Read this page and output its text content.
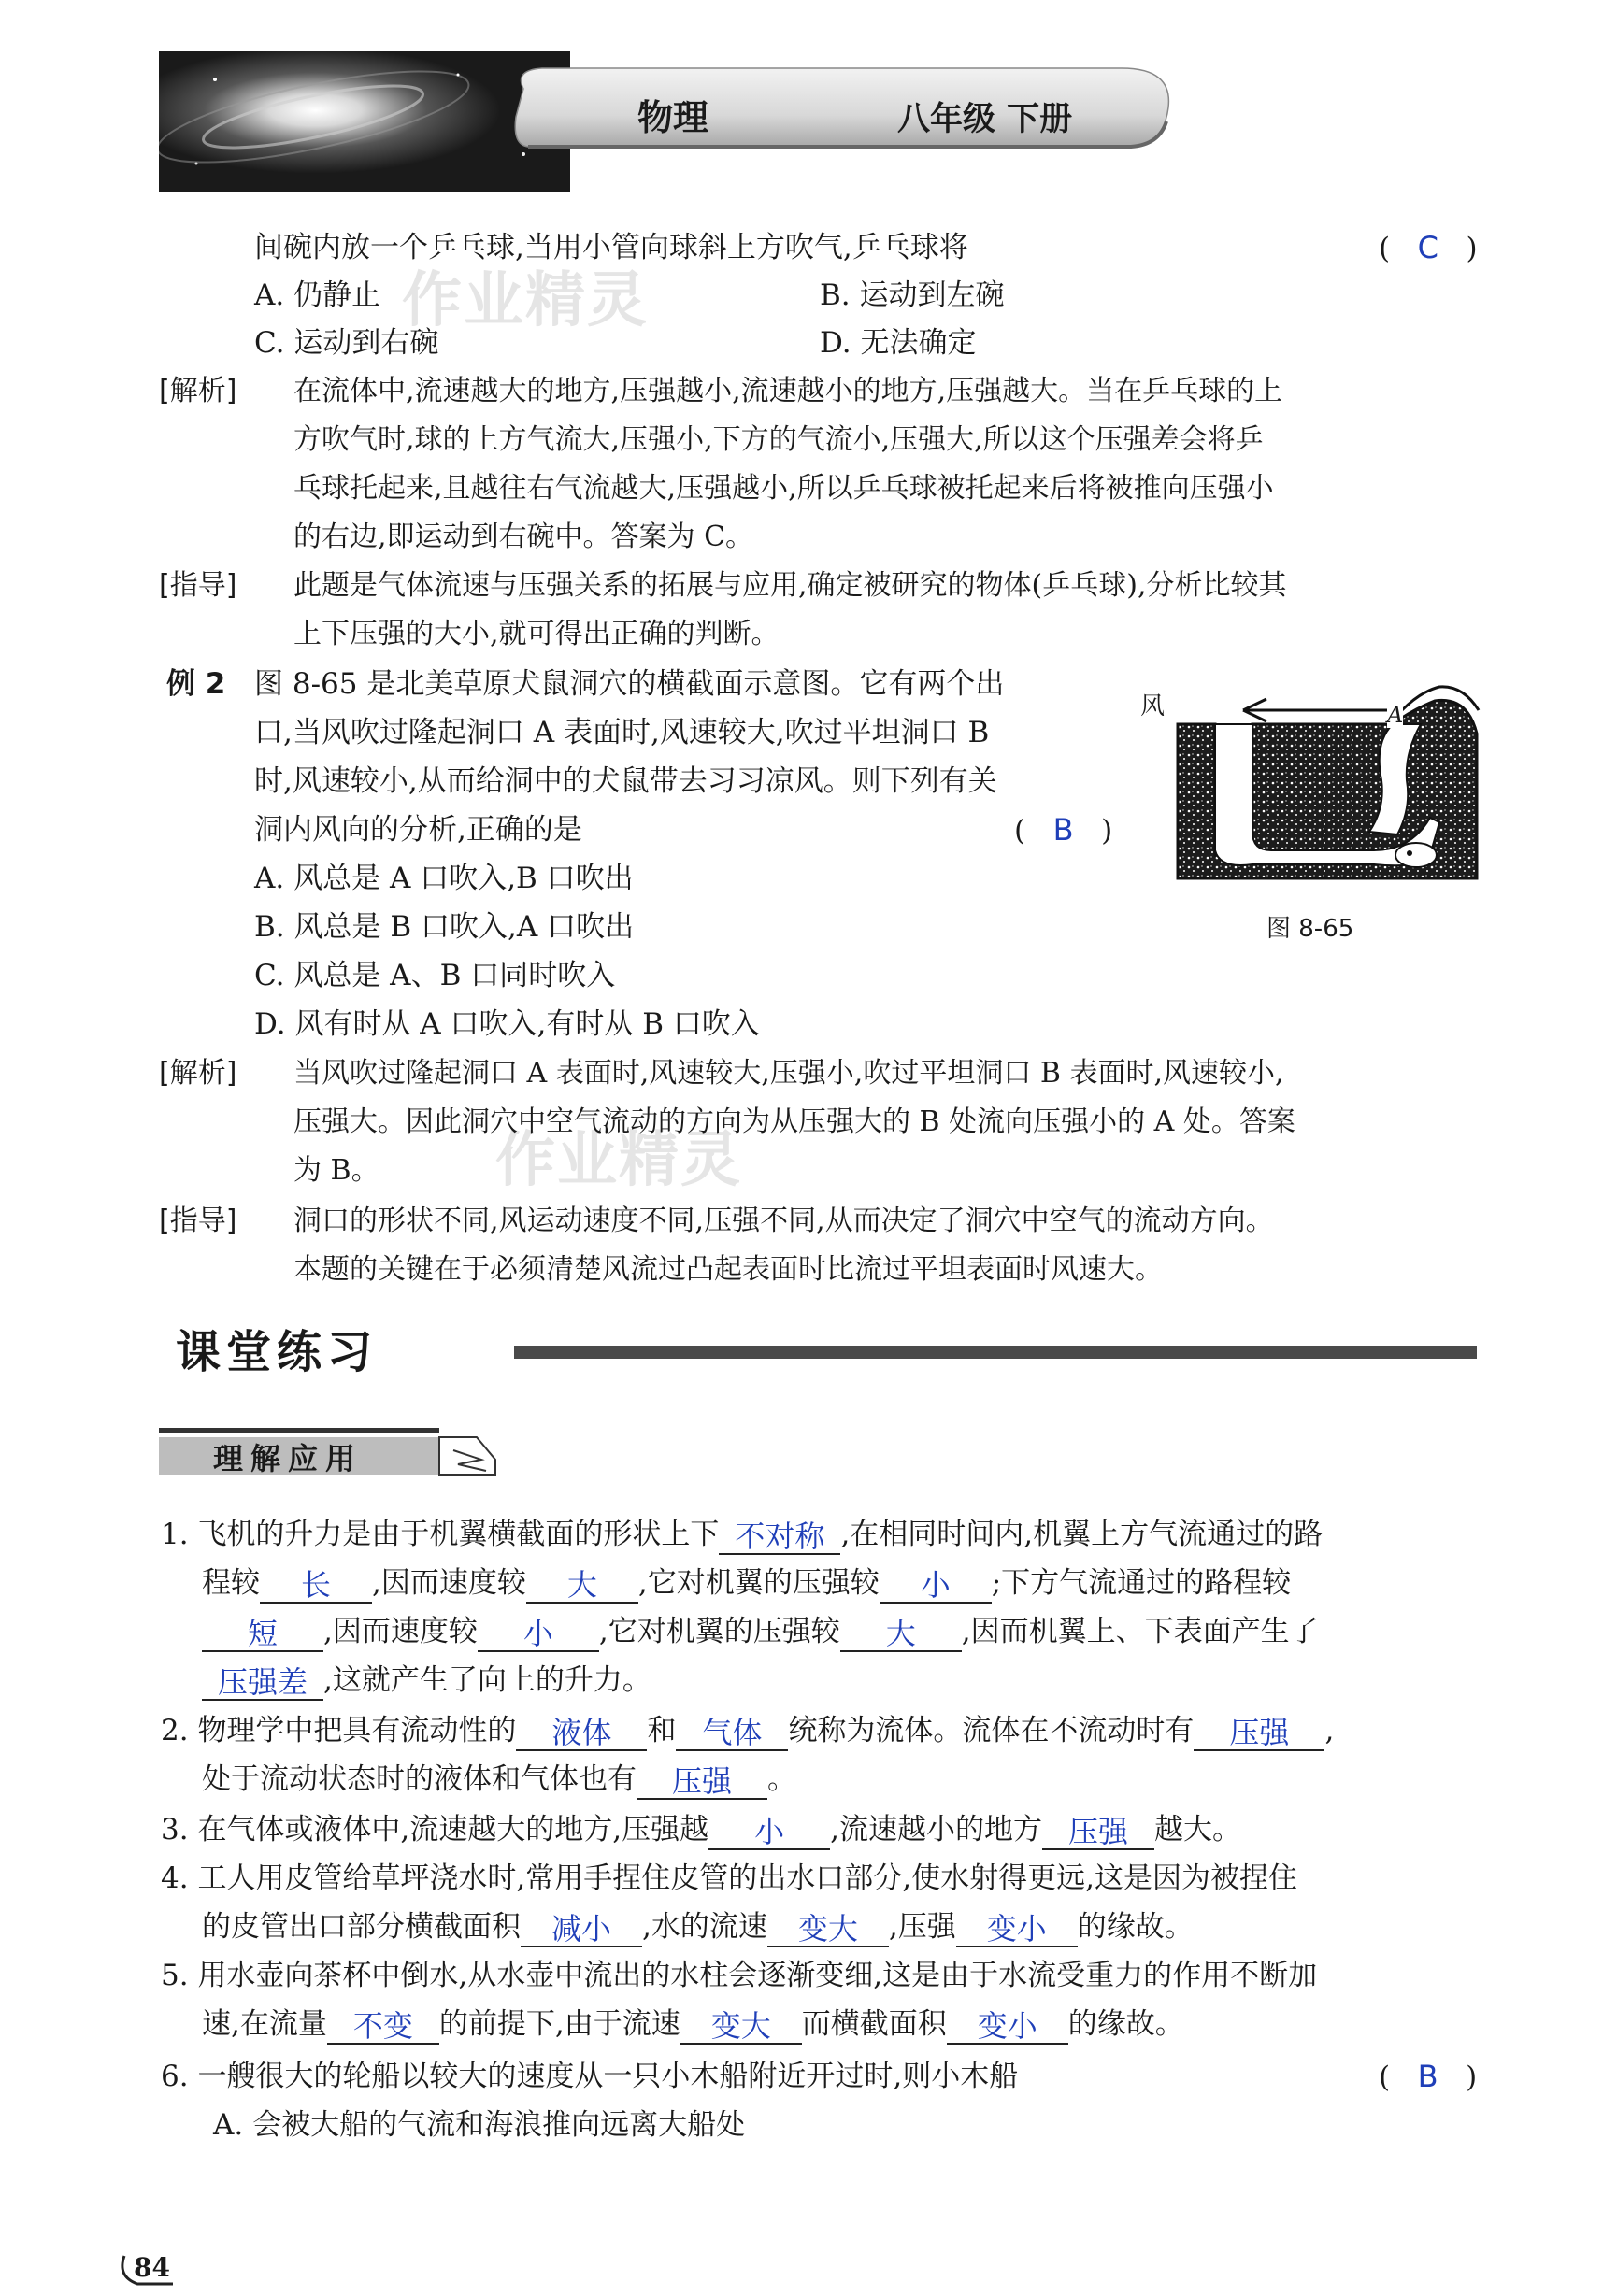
物理	八年级 下册
作业精灵
作业精灵
间碗内放一个乒乓球,当用小管向球斜上方吹气,乒乓球将	(   C   )
A. 仍静止	B. 运动到左碗
C. 运动到右碗	D. 无法确定
[解析] 在流体中,流速越大的地方,压强越小,流速越小的地方,压强越大。当在乒乓球的上
方吹气时,球的上方气流大,压强小,下方的气流小,压强大,所以这个压强差会将乒
乓球托起来,且越往右气流越大,压强越小,所以乒乓球被托起来后将被推向压强小
的右边,即运动到右碗中。答案为 C。
[指导] 此题是气体流速与压强关系的拓展与应用,确定被研究的物体(乒乓球),分析比较其
上下压强的大小,就可得出正确的判断。
例 2 图 8-65 是北美草原犬鼠洞穴的横截面示意图。它有两个出
口,当风吹过隆起洞口 A 表面时,风速较大,吹过平坦洞口 B
时,风速较小,从而给洞中的犬鼠带去习习凉风。则下列有关
洞内风向的分析,正确的是	(   B   )
A. 风总是 A 口吹入,B 口吹出
B. 风总是 B 口吹入,A 口吹出
C. 风总是 A、B 口同时吹入
D. 风有时从 A 口吹入,有时从 B 口吹入
风	A
B
图 8-65
[解析] 当风吹过隆起洞口 A 表面时,风速较大,压强小,吹过平坦洞口 B 表面时,风速较小,
压强大。因此洞穴中空气流动的方向为从压强大的 B 处流向压强小的 A 处。答案
为 B。
[指导] 洞口的形状不同,风运动速度不同,压强不同,从而决定了洞穴中空气的流动方向。
本题的关键在于必须清楚风流过凸起表面时比流过平坦表面时风速大。
课堂练习
理解应用
1. 飞机的升力是由于机翼横截面的形状上下 不对称 ,在相同时间内,机翼上方气流通过的路
程较 长 ,因而速度较 大 ,它对机翼的压强较 小 ;下方气流通过的路程较
短 ,因而速度较 小 ,它对机翼的压强较 大 ,因而机翼上、下表面产生了
压强差 ,这就产生了向上的升力。
2. 物理学中把具有流动性的 液体 和 气体 统称为流体。流体在不流动时有 压强 ,
处于流动状态时的液体和气体也有 压强 。
3. 在气体或液体中,流速越大的地方,压强越 小 ,流速越小的地方 压强 越大。
4. 工人用皮管给草坪浇水时,常用手捏住皮管的出水口部分,使水射得更远,这是因为被捏住
的皮管出口部分横截面积 减小 ,水的流速 变大 ,压强 变小 的缘故。
5. 用水壶向茶杯中倒水,从水壶中流出的水柱会逐渐变细,这是由于水流受重力的作用不断加
速,在流量 不变 的前提下,由于流速 变大 而横截面积 变小 的缘故。
6. 一艘很大的轮船以较大的速度从一只小木船附近开过时,则小木船	(   B   )
A. 会被大船的气流和海浪推向远离大船处
84
